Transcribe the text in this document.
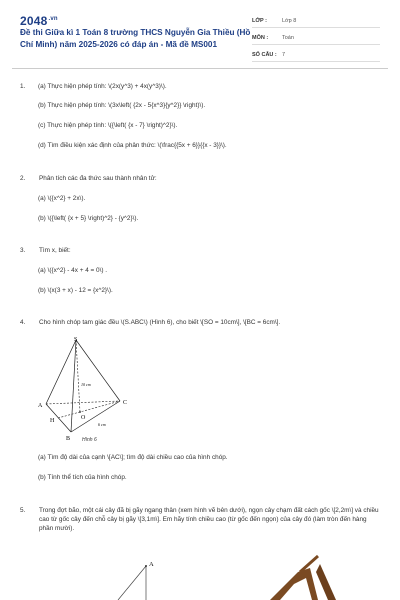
$2048^{.vn}$
Đề thi Giữa kì 1 Toán 8 trường THCS Nguyễn Gia Thiều (Hồ Chí Minh) năm 2025-2026 có đáp án - Mã đề MS001
LỚP :	Lớp 8
MÔN :	Toán
SỐ CÂU : 7
1.	(a) Thực hiện phép tính: \(2x(y^3) + 4x(y^3)\).
(b) Thực hiện phép tính: \(3x\left( {2x - 5{x^3}{y^2}} \right)\).
(c) Thực hiện phép tính: \({\left( {x - 7} \right)^2}\).
(d) Tìm điều kiện xác định của phân thức: \(\frac{{5x + 6}}{{x - 3}}\).
2.	Phân tích các đa thức sau thành nhân tử:
(a) \({x^2} + 2x\).
(b) \({\left( {x + 5} \right)^2} - {y^2}\).
3.	Tìm x, biết:
(a) \({x^2} - 4x + 4 = 0\) .
(b) \(x(3 + x) - 12 = {x^2}\).
4.	Cho hình chóp tam giác đều \(S.ABC\) (Hình 6), cho biết \[SO = 10cm\], \[BC = 6cm\].
S
A
B
C
H	O
10 cm
6 cm
Hình 6
(a) Tìm độ dài của cạnh \[AC\]; tìm độ dài chiều cao của hình chóp.
(b) Tính thể tích của hình chóp.
5.	Trong đợt bão, một cái cây đã bị gãy ngang thân (xem hình vẽ bên dưới), ngọn cây chạm đất cách gốc \[2,2m\] và chiều cao từ gốc cây đến chỗ cây bị gãy \[3,1m\]. Em hãy tính chiều cao (từ gốc đến ngọn) của cây đó (làm tròn đến hàng phần mười).
A
